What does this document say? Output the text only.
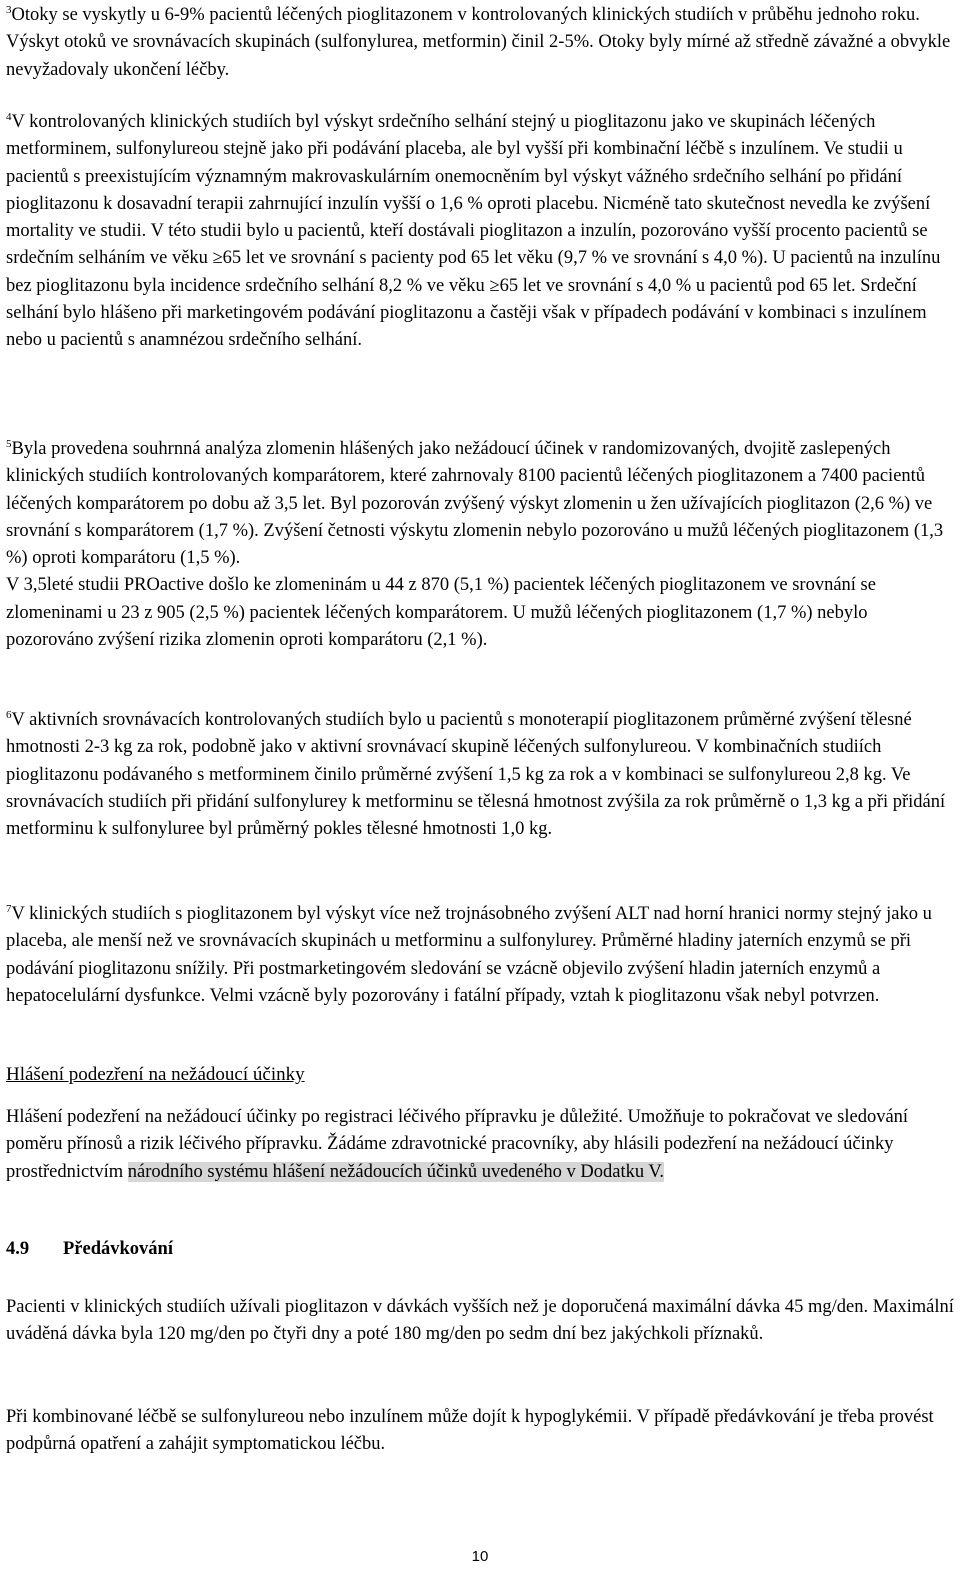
$^3$Otoky se vyskytly u 6-9% pacientů léčených pioglitazonem v kontrolovaných klinických studiích v průběhu jednoho roku. Výskyt otoků ve srovnávacích skupinách (sulfonylurea, metformin) činil 2-5%. Otoky byly mírné až středně závažné a obvykle nevyžadovaly ukončení léčby.

$^4$V kontrolovaných klinických studiích byl výskyt srdečního selhání stejný u pioglitazonu jako ve skupinách léčených metforminem, sulfonylureou stejně jako při podávání placeba, ale byl vyšší při kombinační léčbě s inzulínem. Ve studii u pacientů s preexistujícím významným makrovaskulárním onemocněním byl výskyt vážného srdečního selhání po přidání pioglitazonu k dosavadní terapii zahrnující inzulín vyšší o 1,6 % oproti placebu. Nicméně tato skutečnost nevedla ke zvýšení mortality ve studii. V této studii bylo u pacientů, kteří dostávali pioglitazon a inzulín, pozorováno vyšší procento pacientů se srdečním selháním ve věku ≥65 let ve srovnání s pacienty pod 65 let věku (9,7 % ve srovnání s 4,0 %). U pacientů na inzulínu bez pioglitazonu byla incidence srdečního selhání 8,2 % ve věku ≥65 let ve srovnání s 4,0 % u pacientů pod 65 let. Srdeční selhání bylo hlášeno při marketingovém podávání pioglitazonu a častěji však v případech podávání v kombinaci s inzulínem nebo u pacientů s anamnézou srdečního selhání.

$^5$Byla provedena souhrnná analýza zlomenin hlášených jako nežádoucí účinek v randomizovaných, dvojitě zaslepených klinických studiích kontrolovaných komparátorem, které zahrnovaly 8100 pacientů léčených pioglitazonem a 7400 pacientů léčených komparátorem po dobu až 3,5 let. Byl pozorován zvýšený výskyt zlomenin u žen užívajících pioglitazon (2,6 %) ve srovnání s komparátorem (1,7 %). Zvýšení četnosti výskytu zlomenin nebylo pozorováno u mužů léčených pioglitazonem (1,3 %) oproti komparátoru (1,5 %).
V 3,5leté studii PROactive došlo ke zlomeninám u 44 z 870 (5,1 %) pacientek léčených pioglitazonem ve srovnání se zlomeninami u 23 z 905 (2,5 %) pacientek léčených komparátorem. U mužů léčených pioglitazonem (1,7 %) nebylo pozorováno zvýšení rizika zlomenin oproti komparátoru (2,1 %).

$^6$V aktivních srovnávacích kontrolovaných studiích bylo u pacientů s monoterapií pioglitazonem průměrné zvýšení tělesné hmotnosti 2-3 kg za rok, podobně jako v aktivní srovnávací skupině léčených sulfonylureou. V kombinačních studiích pioglitazonu podávaného s metforminem činilo průměrné zvýšení 1,5 kg za rok a v kombinaci se sulfonylureou 2,8 kg. Ve srovnávacích studiích při přidání sulfonylurey k metforminu se tělesná hmotnost zvýšila za rok průměrně o 1,3 kg a při přidání metforminu k sulfonylurее byl průměrný pokles tělesné hmotnosti 1,0 kg.

$^7$V klinických studiích s pioglitazonem byl výskyt více než trojnásobného zvýšení ALT nad horní hranici normy stejný jako u placeba, ale menší než ve srovnávacích skupinách u metforminu a sulfonylurey. Průměrné hladiny jaterních enzymů se při podávání pioglitazonu snížily. Při postmarketingovém sledování se vzácně objevilo zvýšení hladin jaterních enzymů a hepatocelulární dysfunkce. Velmi vzácně byly pozorovány i fatální případy, vztah k pioglitazonu však nebyl potvrzen.

Hlášení podezření na nežádoucí účinky

Hlášení podezření na nežádoucí účinky po registraci léčivého přípravku je důležité. Umožňuje to pokračovat ve sledování poměru přínosů a rizik léčivého přípravku. Žádáme zdravotnické pracovníky, aby hlásili podezření na nežádoucí účinky prostřednictvím národního systému hlášení nežádoucích účinků uvedeného v Dodatku V.

4.9 Předávkování

Pacienti v klinických studiích užívali pioglitazon v dávkách vyšších než je doporučená maximální dávka 45 mg/den. Maximální uváděná dávka byla 120 mg/den po čtyři dny a poté 180 mg/den po sedm dní bez jakýchkoli příznaků.

Při kombinované léčbě se sulfonylureou nebo inzulínem může dojít k hypoglykémii. V případě předávkování je třeba provést podpůrná opatření a zahájit symptomatickou léčbu.

10
